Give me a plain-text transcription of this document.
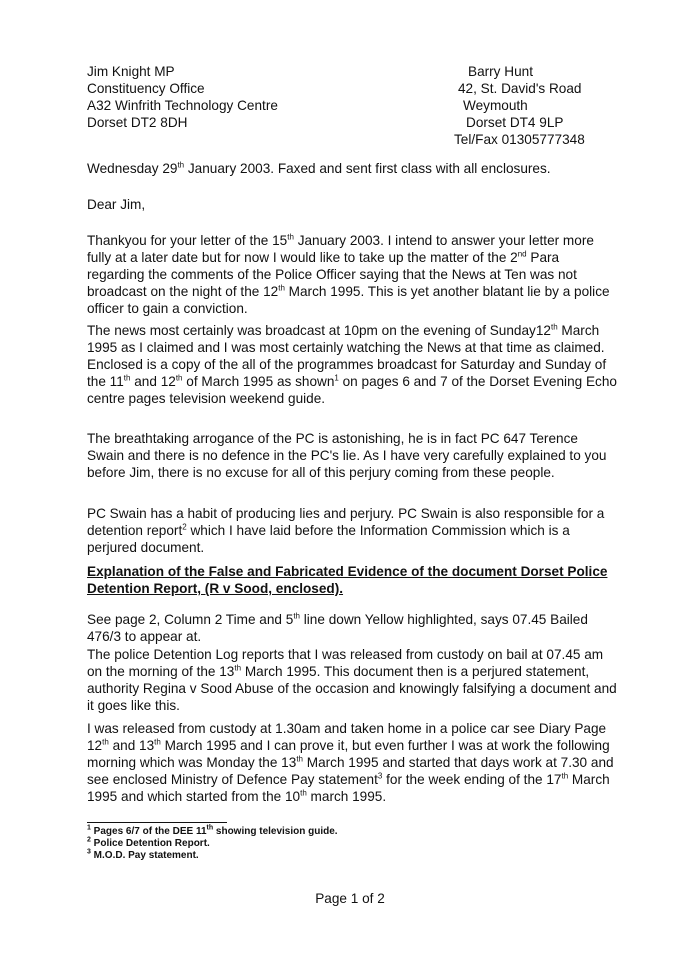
Jim Knight MP
Constituency Office
A32 Winfrith Technology Centre
Dorset DT2 8DH
Barry Hunt
42, St. David's Road
Weymouth
Dorset DT4 9LP
Tel/Fax 01305777348

Wednesday 29th January 2003. Faxed and sent first class with all enclosures.

Dear Jim,

Thankyou for your letter of the 15th January 2003. I intend to answer your letter more fully at a later date but for now I would like to take up the matter of the 2nd Para regarding the comments of the Police Officer saying that the News at Ten was not broadcast on the night of the 12th March 1995. This is yet another blatant lie by a police officer to gain a conviction.

The news most certainly was broadcast at 10pm on the evening of Sunday12th March 1995 as I claimed and I was most certainly watching the News at that time as claimed. Enclosed is a copy of the all of the programmes broadcast for Saturday and Sunday of the 11th and 12th of March 1995 as shown$^1$ on pages 6 and 7 of the Dorset Evening Echo centre pages television weekend guide.

The breathtaking arrogance of the PC is astonishing, he is in fact PC 647 Terence Swain and there is no defence in the PC's lie. As I have very carefully explained to you before Jim, there is no excuse for all of this perjury coming from these people.

PC Swain has a habit of producing lies and perjury. PC Swain is also responsible for a detention report$^2$ which I have laid before the Information Commission which is a perjured document.

Explanation of the False and Fabricated Evidence of the document Dorset Police Detention Report, (R v Sood, enclosed).

See page 2, Column 2 Time and 5th line down Yellow highlighted, says 07.45 Bailed 476/3 to appear at.

The police Detention Log reports that I was released from custody on bail at 07.45 am on the morning of the 13th March 1995. This document then is a perjured statement, authority Regina v Sood Abuse of the occasion and knowingly falsifying a document and it goes like this.

I was released from custody at 1.30am and taken home in a police car see Diary Page 12th and 13th March 1995 and I can prove it, but even further I was at work the following morning which was Monday the 13th March 1995 and started that days work at 7.30 and see enclosed Ministry of Defence Pay statement$^3$ for the week ending of the 17th March 1995 and which started from the 10th march 1995.

$^1$ Pages 6/7 of the DEE 11th showing television guide.
$^2$ Police Detention Report.
$^3$ M.O.D. Pay statement.
Page 1 of 2
